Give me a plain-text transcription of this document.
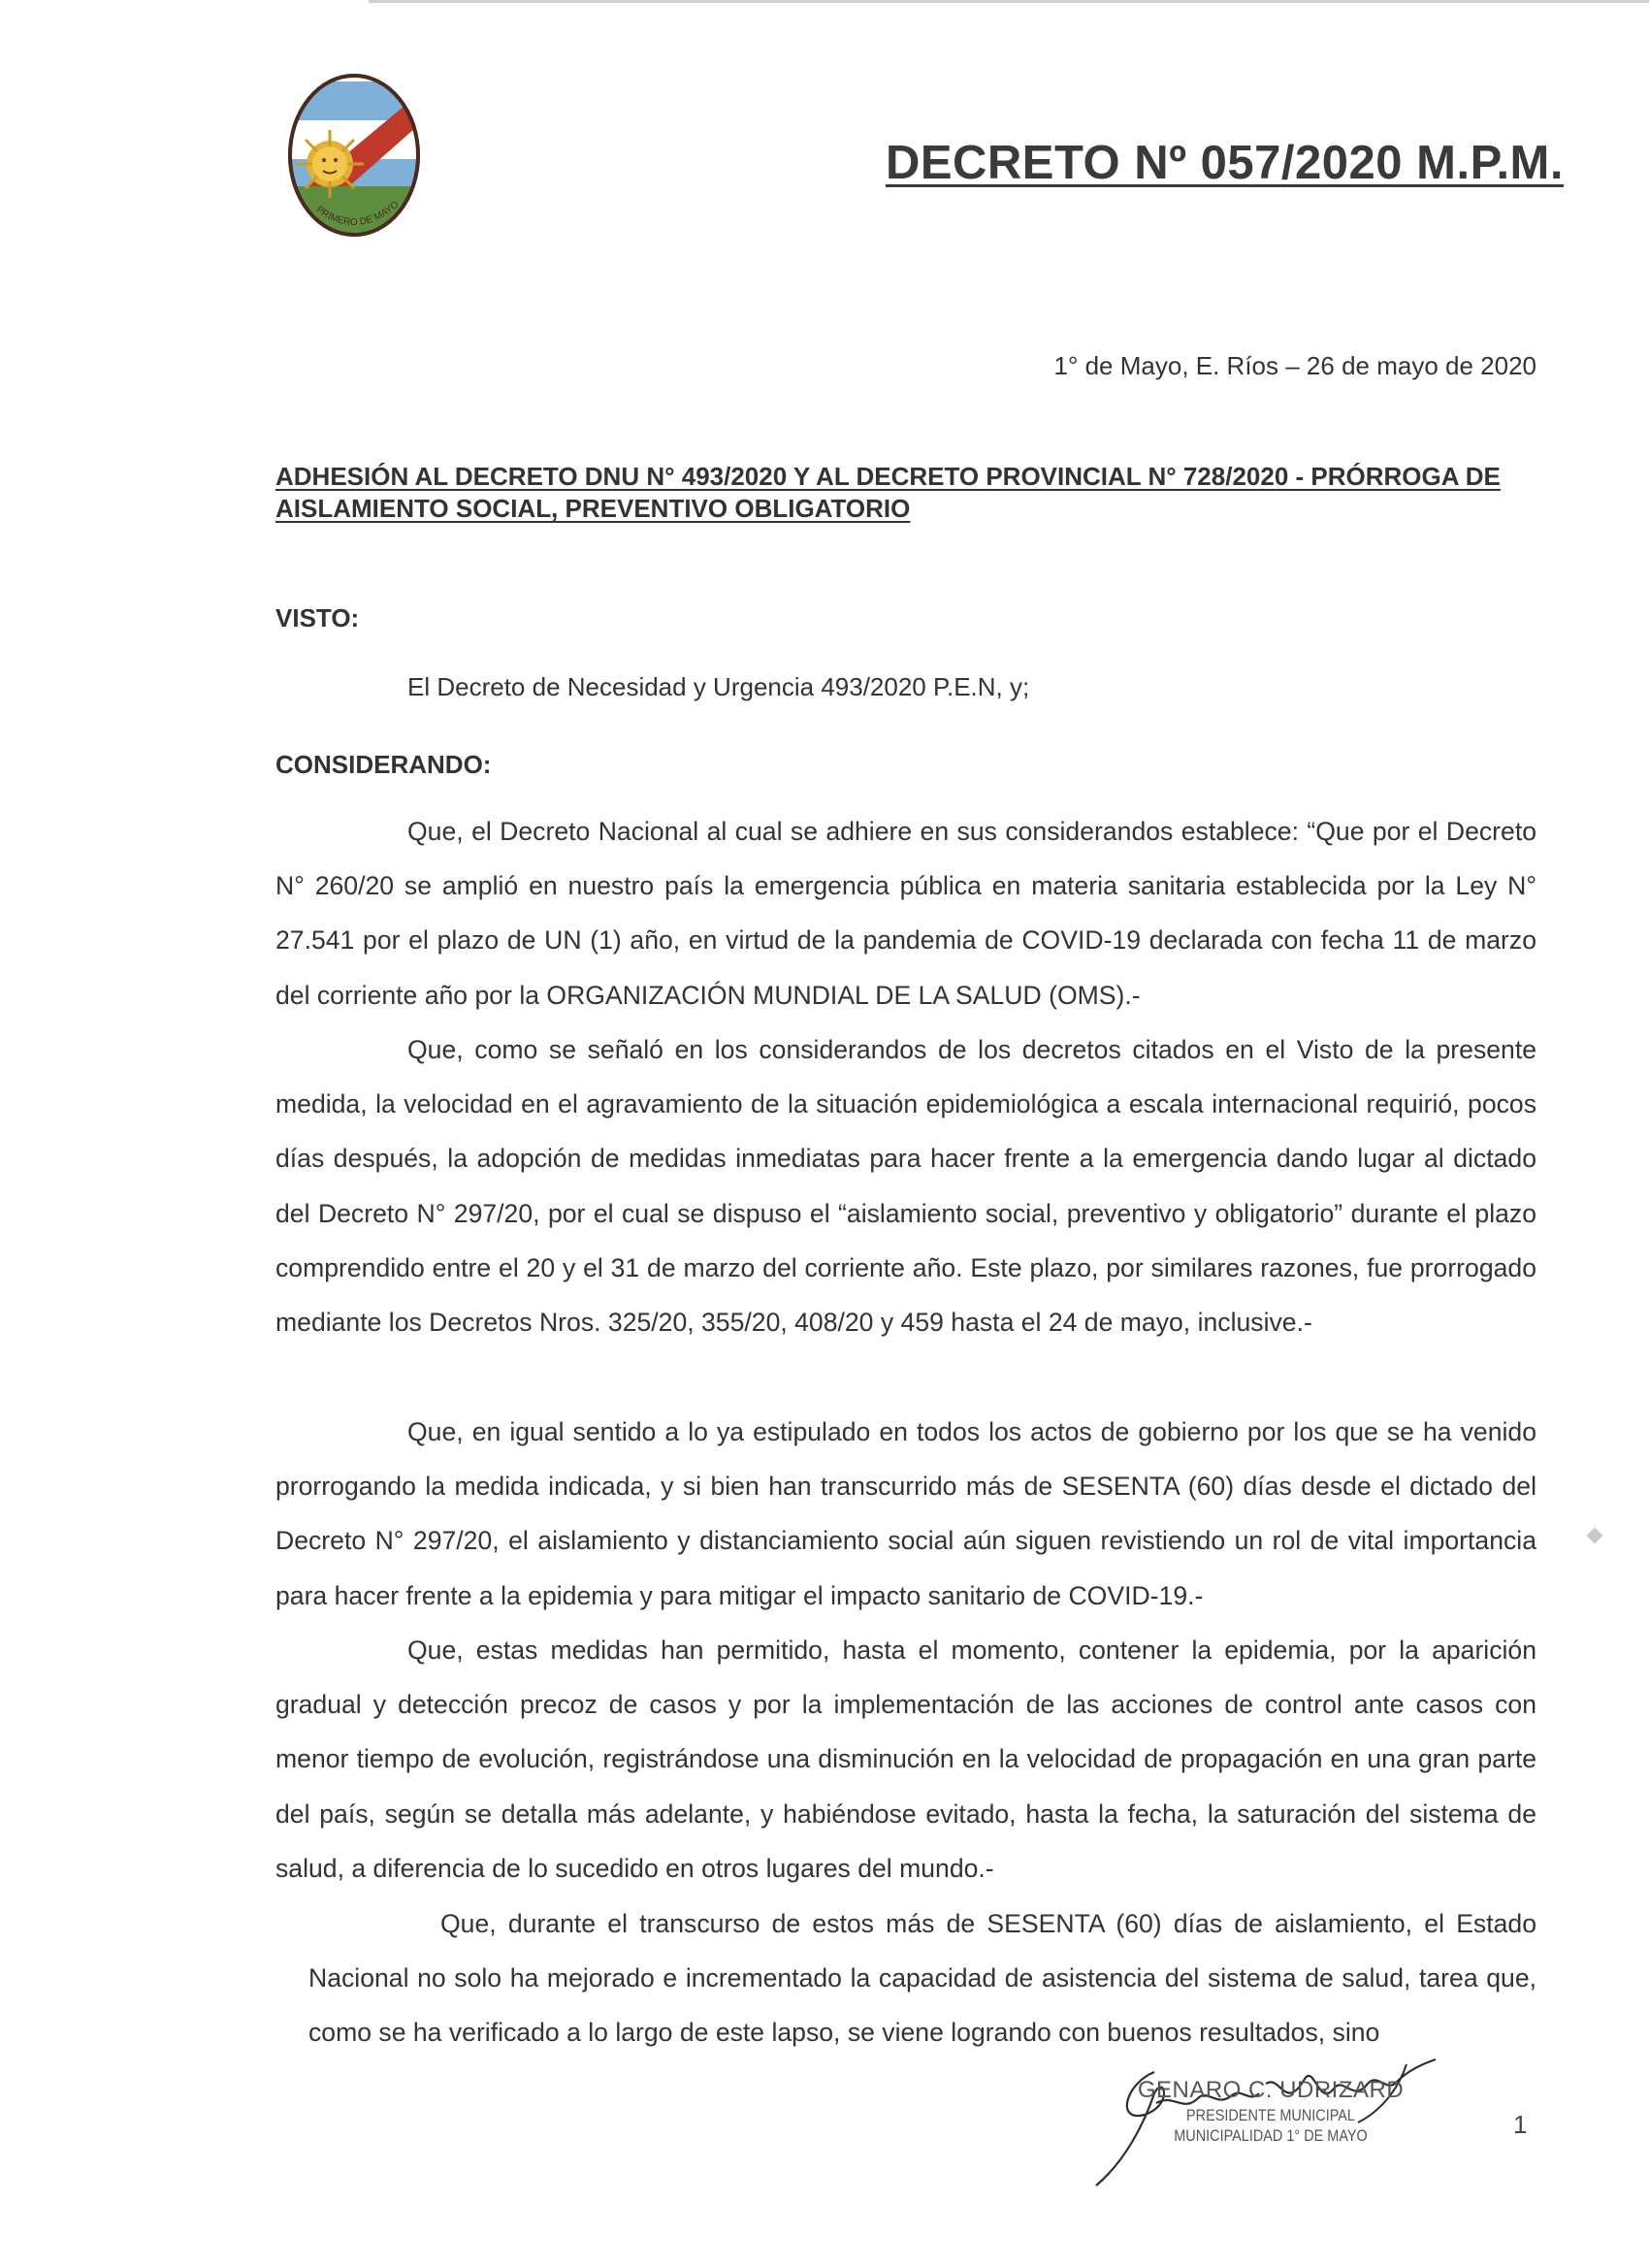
PRIMERO DE MAYO
DECRETO Nº 057/2020 M.P.M.
1° de Mayo, E. Ríos – 26 de mayo de 2020
ADHESIÓN AL DECRETO DNU N° 493/2020 Y AL DECRETO PROVINCIAL N° 728/2020 - PRÓRROGA DE AISLAMIENTO SOCIAL, PREVENTIVO OBLIGATORIO
VISTO:
El Decreto de Necesidad y Urgencia 493/2020 P.E.N, y;
CONSIDERANDO:

Que, el Decreto Nacional al cual se adhiere en sus considerandos establece: “Que por el Decreto N° 260/20 se amplió en nuestro país la emergencia pública en materia sanitaria establecida por la Ley N° 27.541 por el plazo de UN (1) año, en virtud de la pandemia de COVID-19 declarada con fecha 11 de marzo del corriente año por la ORGANIZACIÓN MUNDIAL DE LA SALUD (OMS).-

Que, como se señaló en los considerandos de los decretos citados en el Visto de la presente medida, la velocidad en el agravamiento de la situación epidemiológica a escala internacional requirió, pocos días después, la adopción de medidas inmediatas para hacer frente a la emergencia dando lugar al dictado del Decreto N° 297/20, por el cual se dispuso el “aislamiento social, preventivo y obligatorio” durante el plazo comprendido entre el 20 y el 31 de marzo del corriente año. Este plazo, por similares razones, fue prorrogado mediante los Decretos Nros. 325/20, 355/20, 408/20 y 459 hasta el 24 de mayo, inclusive.-

Que, en igual sentido a lo ya estipulado en todos los actos de gobierno por los que se ha venido prorrogando la medida indicada, y si bien han transcurrido más de SESENTA (60) días desde el dictado del Decreto N° 297/20, el aislamiento y distanciamiento social aún siguen revistiendo un rol de vital importancia para hacer frente a la epidemia y para mitigar el impacto sanitario de COVID-19.-

Que, estas medidas han permitido, hasta el momento, contener la epidemia, por la aparición gradual y detección precoz de casos y por la implementación de las acciones de control ante casos con menor tiempo de evolución, registrándose una disminución en la velocidad de propagación en una gran parte del país, según se detalla más adelante, y habiéndose evitado, hasta la fecha, la saturación del sistema de salud, a diferencia de lo sucedido en otros lugares del mundo.-

Que, durante el transcurso de estos más de SESENTA (60) días de aislamiento, el Estado Nacional no solo ha mejorado e incrementado la capacidad de asistencia del sistema de salud, tarea que, como se ha verificado a lo largo de este lapso, se viene logrando con buenos resultados, sino

GENARO C. UDRIZARD
PRESIDENTE MUNICIPAL
MUNICIPALIDAD 1° DE MAYO	1
